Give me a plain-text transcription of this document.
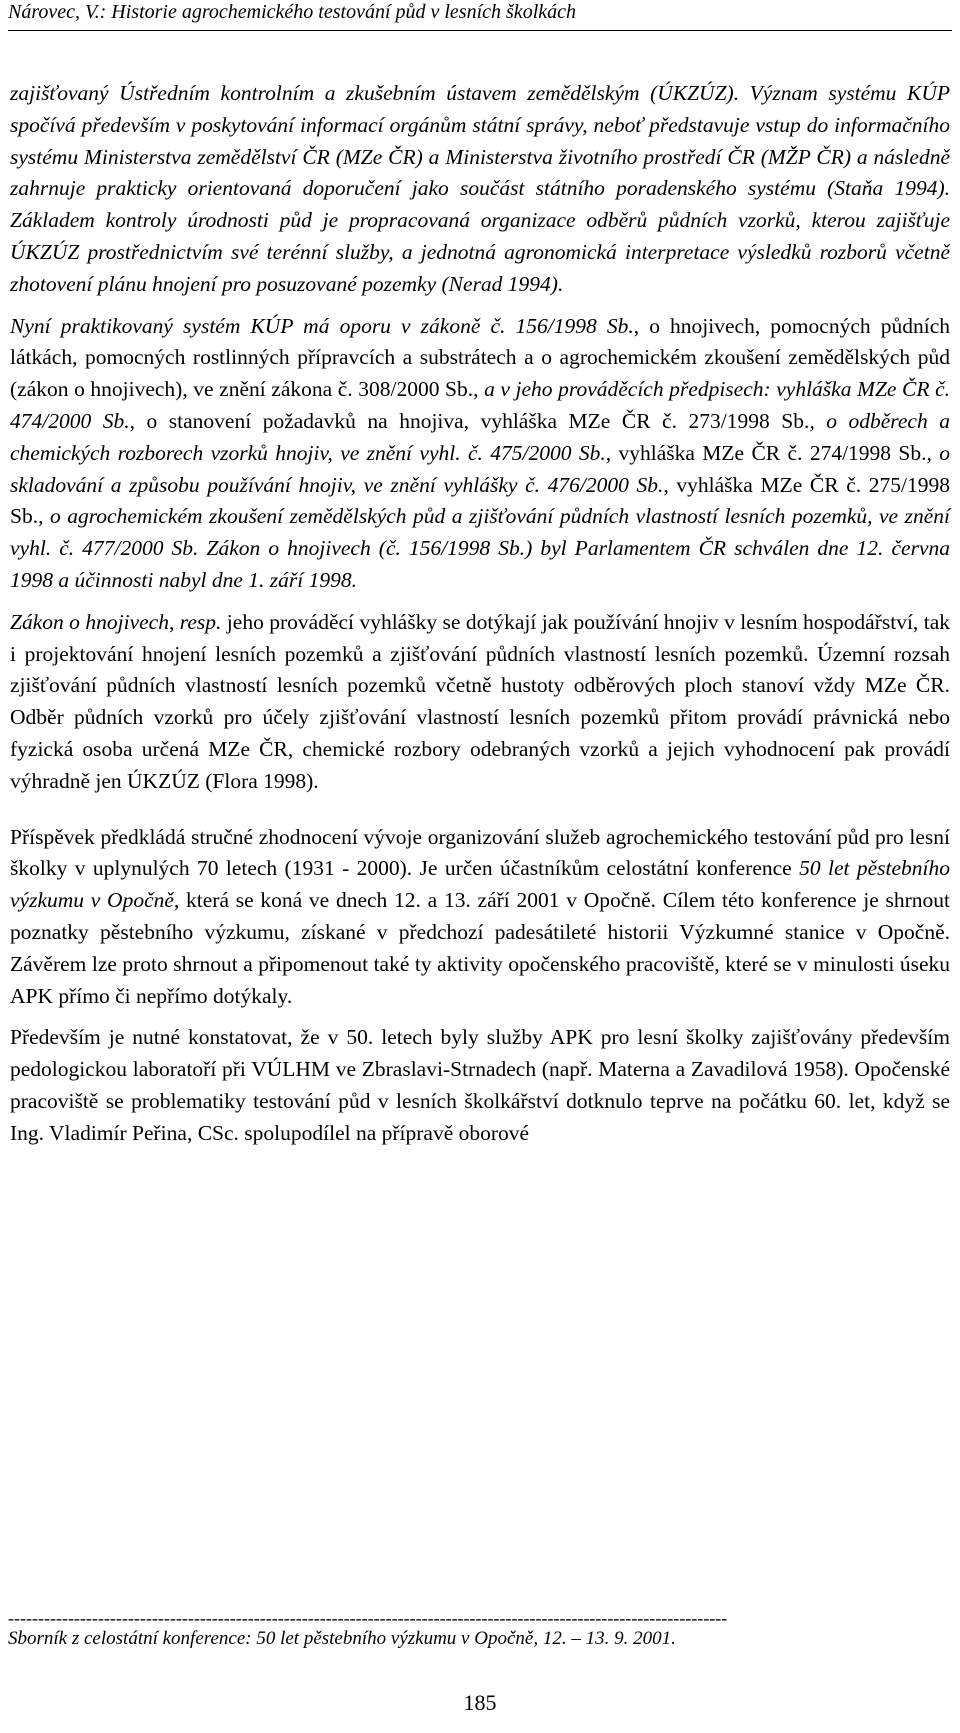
Nárovec, V.: Historie agrochemického testování půd v lesních školkách

zajišťovaný Ústředním kontrolním a zkušebním ústavem zemědělským (ÚKZÚZ). Význam systému KÚP spočívá především v poskytování informací orgánům státní správy, neboť představuje vstup do informačního systému Ministerstva zemědělství ČR (MZe ČR) a Ministerstva životního prostředí ČR (MŽP ČR) a následně zahrnuje prakticky orientovaná doporučení jako součást státního poradenského systému (Staňa 1994). Základem kontroly úrodnosti půd je propracovaná organizace odběrů půdních vzorků, kterou zajišťuje ÚKZÚZ prostřednictvím své terénní služby, a jednotná agronomická interpretace výsledků rozborů včetně zhotovení plánu hnojení pro posuzované pozemky (Nerad 1994).

Nyní praktikovaný systém KÚP má oporu v zákoně č. 156/1998 Sb., o hnojivech, pomocných půdních látkách, pomocných rostlinných přípravcích a substrátech a o agrochemickém zkoušení zemědělských půd (zákon o hnojivech), ve znění zákona č. 308/2000 Sb., a v jeho prováděcích předpisech: vyhláška MZe ČR č. 474/2000 Sb., o stanovení požadavků na hnojiva, vyhláška MZe ČR č. 273/1998 Sb., o odběrech a chemických rozborech vzorků hnojiv, ve znění vyhl. č. 475/2000 Sb., vyhláška MZe ČR č. 274/1998 Sb., o skladování a způsobu používání hnojiv, ve znění vyhlášky č. 476/2000 Sb., vyhláška MZe ČR č. 275/1998 Sb., o agrochemickém zkoušení zemědělských půd a zjišťování půdních vlastností lesních pozemků, ve znění vyhl. č. 477/2000 Sb. Zákon o hnojivech (č. 156/1998 Sb.) byl Parlamentem ČR schválen dne 12. června 1998 a účinnosti nabyl dne 1. září 1998.

Zákon o hnojivech, resp. jeho prováděcí vyhlášky se dotýkají jak používání hnojiv v lesním hospodářství, tak i projektování hnojení lesních pozemků a zjišťování půdních vlastností lesních pozemků. Územní rozsah zjišťování půdních vlastností lesních pozemků včetně hustoty odběrových ploch stanoví vždy MZe ČR. Odběr půdních vzorků pro účely zjišťování vlastností lesních pozemků přitom provádí právnická nebo fyzická osoba určená MZe ČR, chemické rozbory odebraných vzorků a jejich vyhodnocení pak provádí výhradně jen ÚKZÚZ (Flora 1998).

Příspěvek předkládá stručné zhodnocení vývoje organizování služeb agrochemického testování půd pro lesní školky v uplynulých 70 letech (1931 - 2000). Je určen účastníkům celostátní konference 50 let pěstebního výzkumu v Opočně, která se koná ve dnech 12. a 13. září 2001 v Opočně. Cílem této konference je shrnout poznatky pěstebního výzkumu, získané v předchozí padesátileté historii Výzkumné stanice v Opočně. Závěrem lze proto shrnout a připomenout také ty aktivity opočenského pracoviště, které se v minulosti úseku APK přímo či nepřímo dotýkaly.

Především je nutné konstatovat, že v 50. letech byly služby APK pro lesní školky zajišťovány především pedologickou laboratoří při VÚLHM ve Zbraslavi-Strnadech (např. Materna a Zavadilová 1958). Opočenské pracoviště se problematiky testování půd v lesních školkářství dotknulo teprve na počátku 60. let, když se Ing. Vladimír Peřina, CSc. spolupodílel na přípravě oborové

------------------------------------------------------------------------------------------------------------------------
Sborník z celostátní konference: 50 let pěstebního výzkumu v Opočně, 12. – 13. 9. 2001.
185
